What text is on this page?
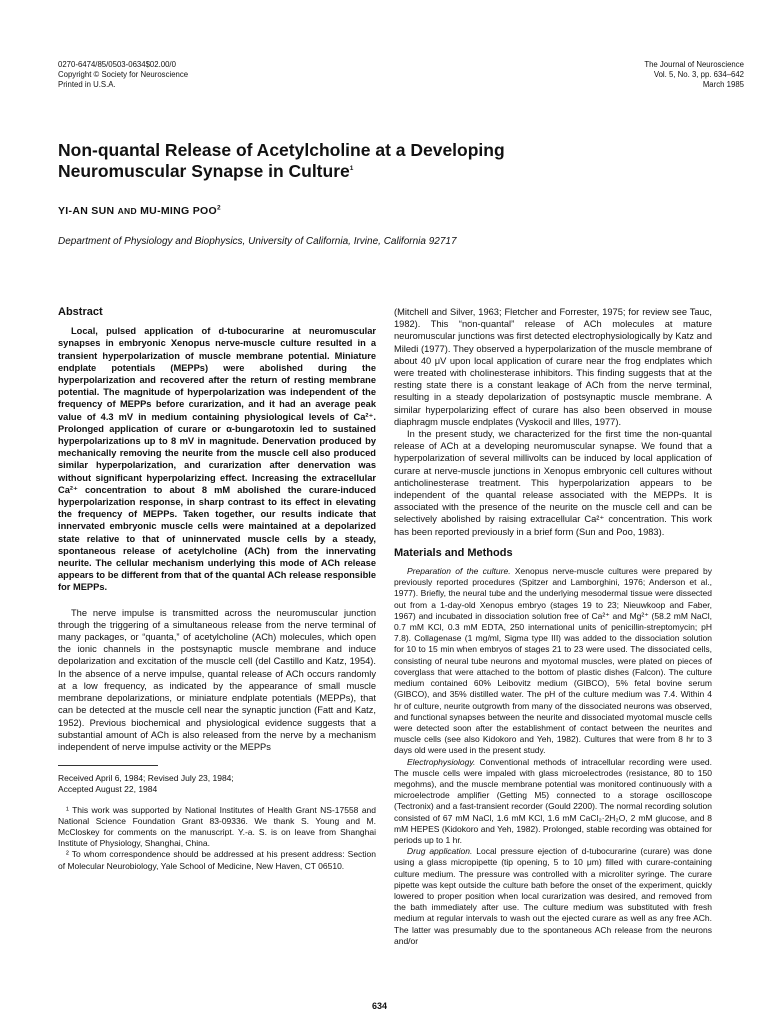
0270-6474/85/0503-0634$02.00/0
Copyright © Society for Neuroscience
Printed in U.S.A.
The Journal of Neuroscience
Vol. 5, No. 3, pp. 634–642
March 1985
Non-quantal Release of Acetylcholine at a Developing Neuromuscular Synapse in Culture$^1$
YI-AN SUN AND MU-MING POO$^2$
Department of Physiology and Biophysics, University of California, Irvine, California 92717
Abstract

Local, pulsed application of d-tubocurarine at neuromuscular synapses in embryonic Xenopus nerve-muscle culture resulted in a transient hyperpolarization of muscle membrane potential. Miniature endplate potentials (MEPPs) were abolished during the hyperpolarization and recovered after the return of resting membrane potential. The magnitude of hyperpolarization was independent of the frequency of MEPPs before curarization, and it had an average peak value of 4.3 mV in medium containing physiological levels of Ca²⁺. Prolonged application of curare or α-bungarotoxin led to sustained hyperpolarizations up to 8 mV in magnitude. Denervation produced by mechanically removing the neurite from the muscle cell also produced similar hyperpolarization, and curarization after denervation was without significant hyperpolarizing effect. Increasing the extracellular Ca²⁺ concentration to about 8 mM abolished the curare-induced hyperpolarization response, in sharp contrast to its effect in elevating the frequency of MEPPs. Taken together, our results indicate that innervated embryonic muscle cells were maintained at a depolarized state relative to that of uninnervated muscle cells by a steady, spontaneous release of acetylcholine (ACh) from the innervating neurite. The cellular mechanism underlying this mode of ACh release appears to be different from that of the quantal ACh release responsible for MEPPs.

The nerve impulse is transmitted across the neuromuscular junction through the triggering of a simultaneous release from the nerve terminal of many packages, or “quanta,” of acetylcholine (ACh) molecules, which open the ionic channels in the postsynaptic muscle membrane and induce depolarization and excitation of the muscle cell (del Castillo and Katz, 1954). In the absence of a nerve impulse, quantal release of ACh occurs randomly at a low frequency, as indicated by the appearance of small muscle membrane depolarizations, or miniature endplate potentials (MEPPs), that can be detected at the muscle cell near the synaptic junction (Fatt and Katz, 1952). Previous biochemical and physiological evidence suggests that a substantial amount of ACh is also released from the nerve by a mechanism independent of nerve impulse activity or the MEPPs

Received April 6, 1984; Revised July 23, 1984;

Accepted August 22, 1984

¹ This work was supported by National Institutes of Health Grant NS-17558 and National Science Foundation Grant 83-09336. We thank S. Young and M. McCloskey for comments on the manuscript. Y.-a. S. is on leave from Shanghai Institute of Physiology, Shanghai, China.

² To whom correspondence should be addressed at his present address: Section of Molecular Neurobiology, Yale School of Medicine, New Haven, CT 06510.

(Mitchell and Silver, 1963; Fletcher and Forrester, 1975; for review see Tauc, 1982). This “non-quantal” release of ACh molecules at mature neuromuscular junctions was first detected electrophysiologically by Katz and Miledi (1977). They observed a hyperpolarization of the muscle membrane of about 40 μV upon local application of curare near the frog endplates which were treated with cholinesterase inhibitors. This finding suggests that at the resting state there is a constant leakage of ACh from the nerve terminal, resulting in a steady depolarization of postsynaptic muscle membrane. A similar hyperpolarizing effect of curare has also been observed in mouse diaphragm muscle endplates (Vyskocil and Illes, 1977).

In the present study, we characterized for the first time the non-quantal release of ACh at a developing neuromuscular synapse. We found that a hyperpolarization of several millivolts can be induced by local application of curare at nerve-muscle junctions in Xenopus embryonic cell cultures without anticholinesterase treatment. This hyperpolarization appears to be independent of the quantal release associated with the MEPPs. It is associated with the presence of the neurite on the muscle cell and can be selectively abolished by raising extracellular Ca²⁺ concentration. This work has been reported previously in a brief form (Sun and Poo, 1983).

Materials and Methods

Preparation of the culture. Xenopus nerve-muscle cultures were prepared by previously reported procedures (Spitzer and Lamborghini, 1976; Anderson et al., 1977). Briefly, the neural tube and the underlying mesodermal tissue were dissected out from a 1-day-old Xenopus embryo (stages 19 to 23; Nieuwkoop and Faber, 1967) and incubated in dissociation solution free of Ca²⁺ and Mg²⁺ (58.2 mM NaCl, 0.7 mM KCl, 0.3 mM EDTA, 250 international units of penicillin-streptomycin; pH 7.8). Collagenase (1 mg/ml, Sigma type III) was added to the dissociation solution for 10 to 15 min when embryos of stages 21 to 23 were used. The dissociated cells, consisting of neural tube neurons and myotomal muscles, were plated on pieces of coverglass that were attached to the bottom of plastic dishes (Falcon). The culture medium contained 60% Leibovitz medium (GIBCO), 5% fetal bovine serum (GIBCO), and 35% distilled water. The pH of the culture medium was 7.4. Within 4 hr of culture, neurite outgrowth from many of the dissociated neurons was observed, and functional synapses between the neurite and dissociated myotomal muscle cells were detected soon after the establishment of contact between the neurites and muscle cells (see also Kidokoro and Yeh, 1982). Cultures that were from 8 hr to 3 days old were used in the present study.

Electrophysiology. Conventional methods of intracellular recording were used. The muscle cells were impaled with glass microelectrodes (resistance, 80 to 150 megohms), and the muscle membrane potential was monitored continuously with a microelectrode amplifier (Getting M5) connected to a storage oscilloscope (Tectronix) and a fast-transient recorder (Gould 2200). The normal recording solution consisted of 67 mM NaCl, 1.6 mM KCl, 1.6 mM CaCl₂·2H₂O, 2 mM glucose, and 8 mM HEPES (Kidokoro and Yeh, 1982). Prolonged, stable recording was obtained for periods up to 1 hr.

Drug application. Local pressure ejection of d-tubocurarine (curare) was done using a glass micropipette (tip opening, 5 to 10 μm) filled with curare-containing culture medium. The pressure was controlled with a microliter syringe. The curare pipette was kept outside the culture bath before the onset of the experiment, quickly lowered to proper position when local curarization was desired, and removed from the bath immediately after use. The culture medium was substituted with fresh medium at regular intervals to wash out the ejected curare as well as any free ACh. The latter was presumably due to the spontaneous ACh release from the neurons and/or

634
